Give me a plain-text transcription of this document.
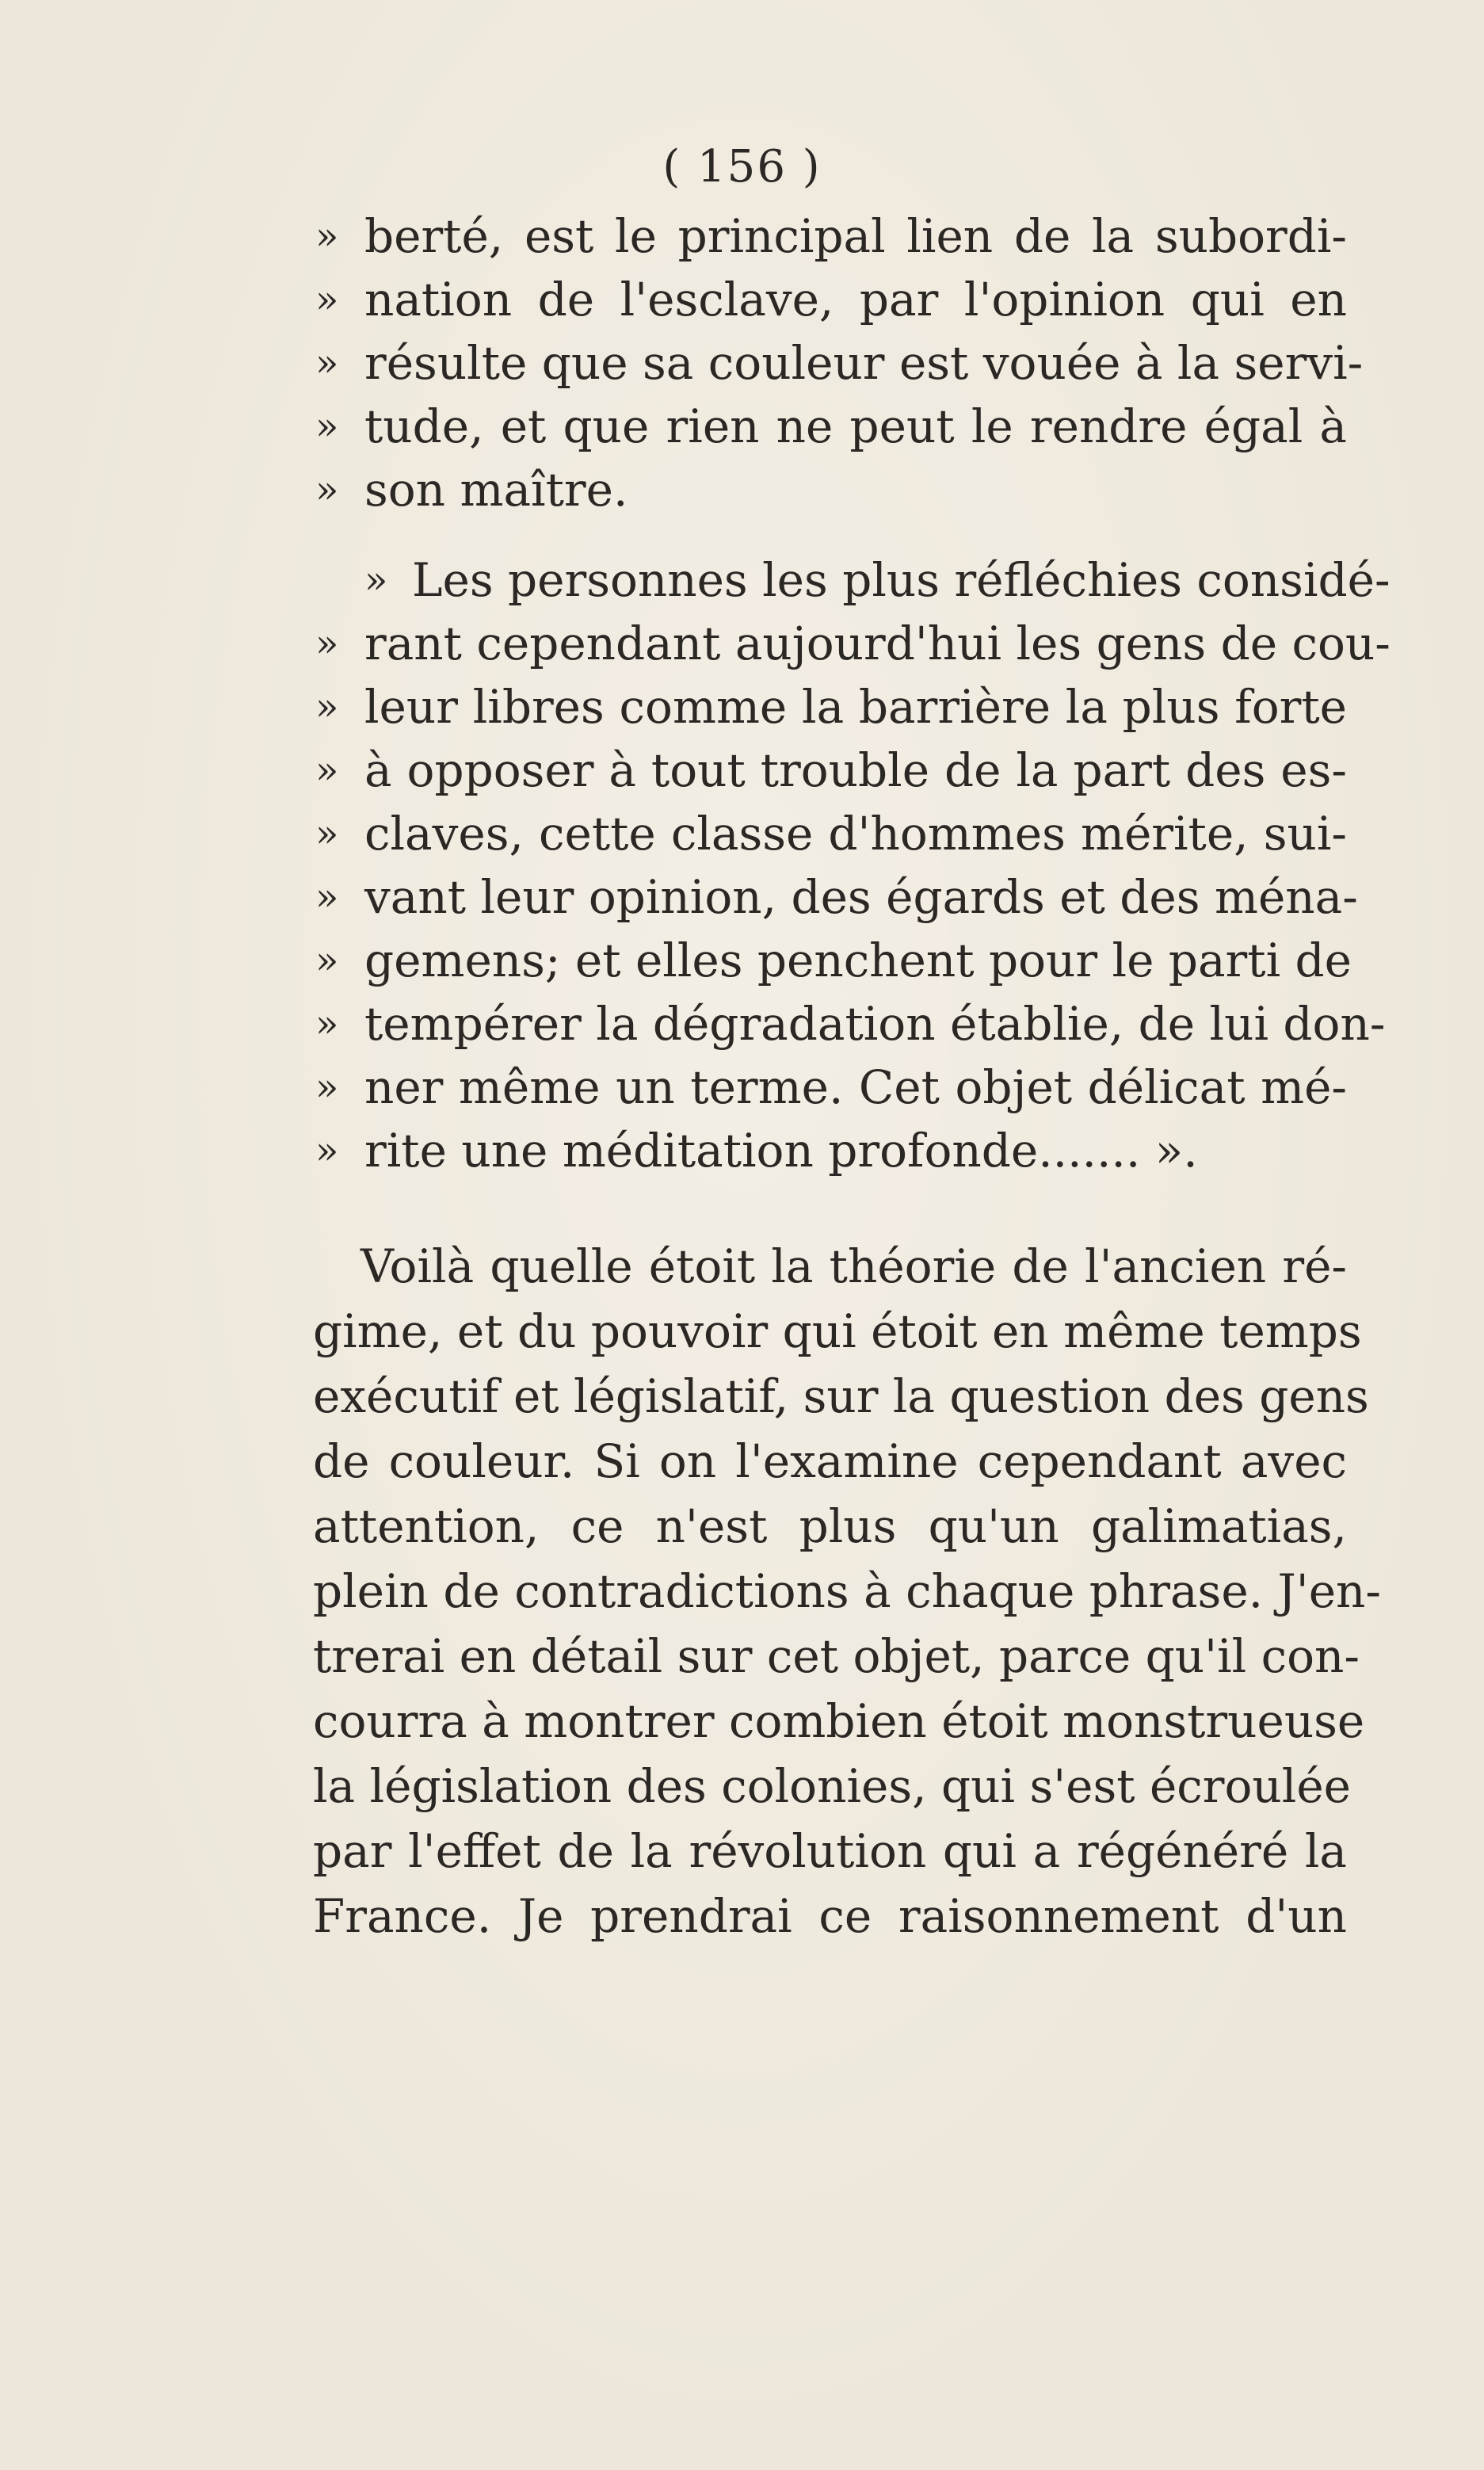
( 156 )
» berté, est le principal lien de la subordi-
» nation de l'esclave, par l'opinion qui en
» résulte que sa couleur est vouée à la servi-
» tude, et que rien ne peut le rendre égal à
» son maître.
» Les personnes les plus réfléchies considé-
» rant cependant aujourd'hui les gens de cou-
» leur libres comme la barrière la plus forte
» à opposer à tout trouble de la part des es-
» claves, cette classe d'hommes mérite, sui-
» vant leur opinion, des égards et des ména-
» gemens; et elles penchent pour le parti de
» tempérer la dégradation établie, de lui don-
» ner même un terme. Cet objet délicat mé-
» rite une méditation profonde....... ».
Voilà quelle étoit la théorie de l'ancien ré-
gime, et du pouvoir qui étoit en même temps
exécutif et législatif, sur la question des gens
de couleur. Si on l'examine cependant avec
attention, ce n'est plus qu'un galimatias,
plein de contradictions à chaque phrase. J'en-
trerai en détail sur cet objet, parce qu'il con-
courra à montrer combien étoit monstrueuse
la législation des colonies, qui s'est écroulée
par l'effet de la révolution qui a régénéré la
France. Je prendrai ce raisonnement d'un
